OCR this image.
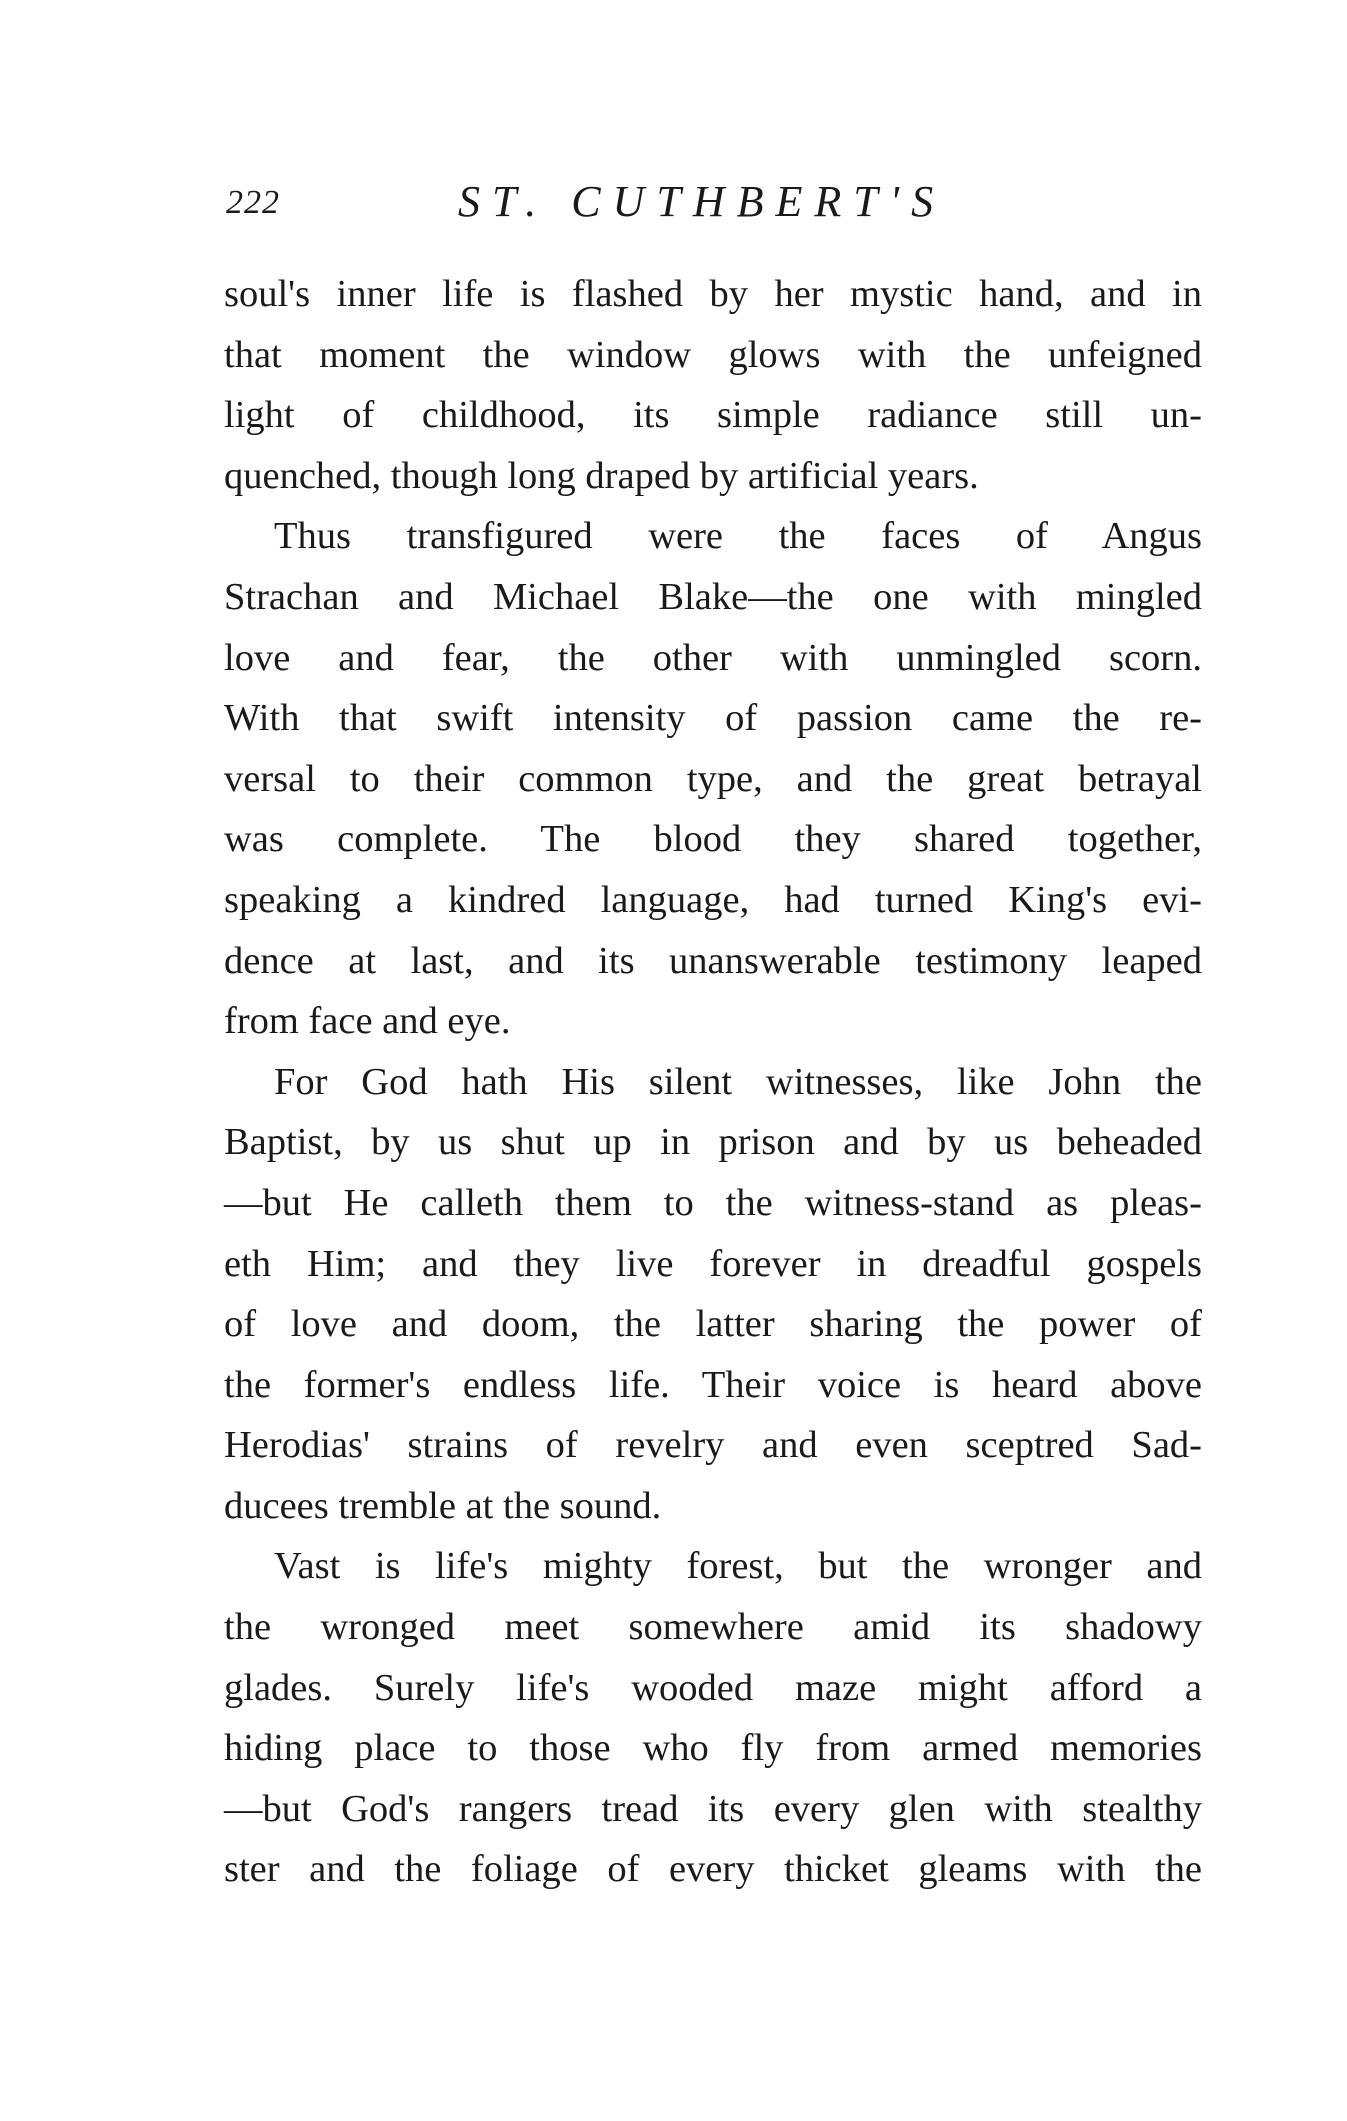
222	ST. CUTHBERT'S
soul's inner life is flashed by her mystic hand, and in
that moment the window glows with the unfeigned
light of childhood, its simple radiance still un-
quenched, though long draped by artificial years.
Thus transfigured were the faces of Angus
Strachan and Michael Blake—the one with mingled
love and fear, the other with unmingled scorn.
With that swift intensity of passion came the re-
versal to their common type, and the great betrayal
was complete. The blood they shared together,
speaking a kindred language, had turned King's evi-
dence at last, and its unanswerable testimony leaped
from face and eye.
For God hath His silent witnesses, like John the
Baptist, by us shut up in prison and by us beheaded
—but He calleth them to the witness-stand as pleas-
eth Him; and they live forever in dreadful gospels
of love and doom, the latter sharing the power of
the former's endless life. Their voice is heard above
Herodias' strains of revelry and even sceptred Sad-
ducees tremble at the sound.
Vast is life's mighty forest, but the wronger and
the wronged meet somewhere amid its shadowy
glades. Surely life's wooded maze might afford a
hiding place to those who fly from armed memories
—but God's rangers tread its every glen with stealthy
ster and the foliage of every thicket gleams with the
